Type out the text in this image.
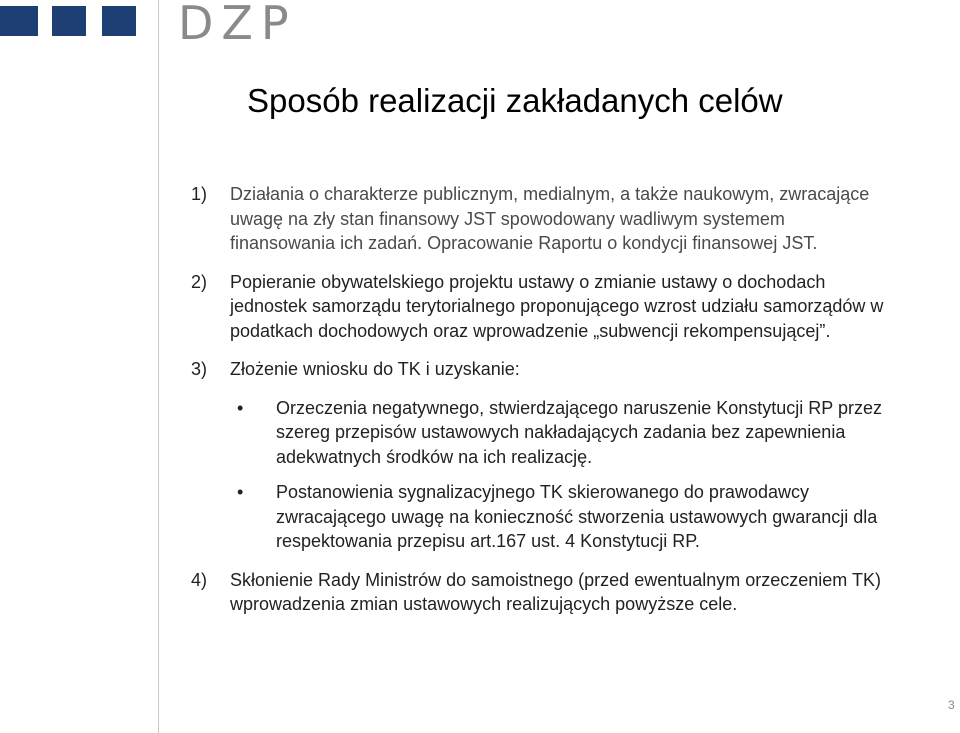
DZP
Sposób realizacji zakładanych celów
1) Działania o charakterze publicznym, medialnym, a także naukowym, zwracające uwagę na zły stan finansowy JST spowodowany wadliwym systemem finansowania ich zadań. Opracowanie Raportu o kondycji finansowej JST.
2) Popieranie obywatelskiego projektu ustawy o zmianie ustawy o dochodach jednostek samorządu terytorialnego proponującego wzrost udziału samorządów w podatkach dochodowych oraz wprowadzenie „subwencji rekompensującej”.
3) Złożenie wniosku do TK i uzyskanie:
• Orzeczenia negatywnego, stwierdzającego naruszenie Konstytucji RP przez szereg przepisów ustawowych nakładających zadania bez zapewnienia adekwatnych środków na ich realizację.
• Postanowienia sygnalizacyjnego TK skierowanego do prawodawcy zwracającego uwagę na konieczność stworzenia ustawowych gwarancji dla respektowania przepisu art.167 ust. 4 Konstytucji RP.
4) Skłonienie Rady Ministrów do samoistnego (przed ewentualnym orzeczeniem TK) wprowadzenia zmian ustawowych realizujących powyższe cele.
3
